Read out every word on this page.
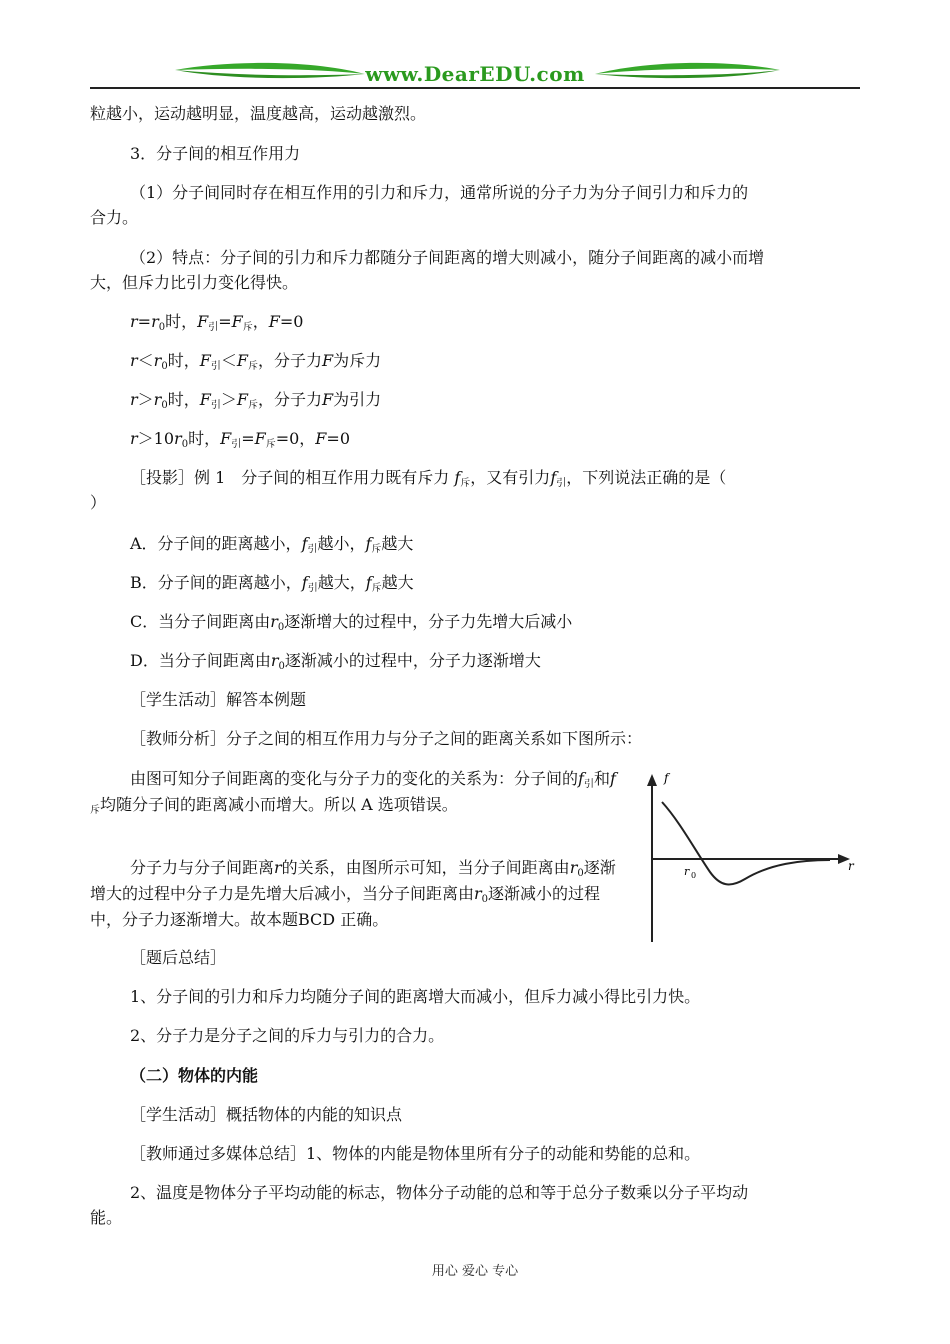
www.DearEDU.com
粒越小，运动越明显，温度越高，运动越激烈。
3．分子间的相互作用力
（1）分子间同时存在相互作用的引力和斥力，通常所说的分子力为分子间引力和斥力的
合力。
（2）特点：分子间的引力和斥力都随分子间距离的增大则减小，随分子间距离的减小而增
大，但斥力比引力变化得快。
$r=r_0$时，$F_引=F_斥$，F=0
$r<r_0$时，$F_引<F_斥$，分子力F为斥力
$r>r_0$时，$F_引>F_斥$，分子力F为引力
$r>10r_0$时，$F_引=F_斥=0$，F=0
［投影］例 1　分子间的相互作用力既有斥力 $f_斥$，又有引力$f_引$，下列说法正确的是（
）
A．分子间的距离越小，$f_引$越小，$f_斥$越大
B．分子间的距离越小，$f_引$越大，$f_斥$越大
C．当分子间距离由$r_0$逐渐增大的过程中，分子力先增大后减小
D．当分子间距离由$r_0$逐渐减小的过程中，分子力逐渐增大
［学生活动］解答本例题
［教师分析］分子之间的相互作用力与分子之间的距离关系如下图所示：
由图可知分子间距离的变化与分子力的变化的关系为：分子间的$f_引$和$f_斥$均随分子间的距离减小而增大。所以 A 选项错误。
分子力与分子间距离r的关系，由图所示可知，当分子间距离由$r_0$逐渐增大的过程中分子力是先增大后减小，当分子间距离由$r_0$逐渐减小的过程中，分子力逐渐增大。故本题BCD 正确。
f
r
r 0
［题后总结］
1、分子间的引力和斥力均随分子间的距离增大而减小，但斥力减小得比引力快。
2、分子力是分子之间的斥力与引力的合力。
（二）物体的内能
［学生活动］概括物体的内能的知识点
［教师通过多媒体总结］1、物体的内能是物体里所有分子的动能和势能的总和。
2、温度是物体分子平均动能的标志，物体分子动能的总和等于总分子数乘以分子平均动
能。
用心 爱心 专心
